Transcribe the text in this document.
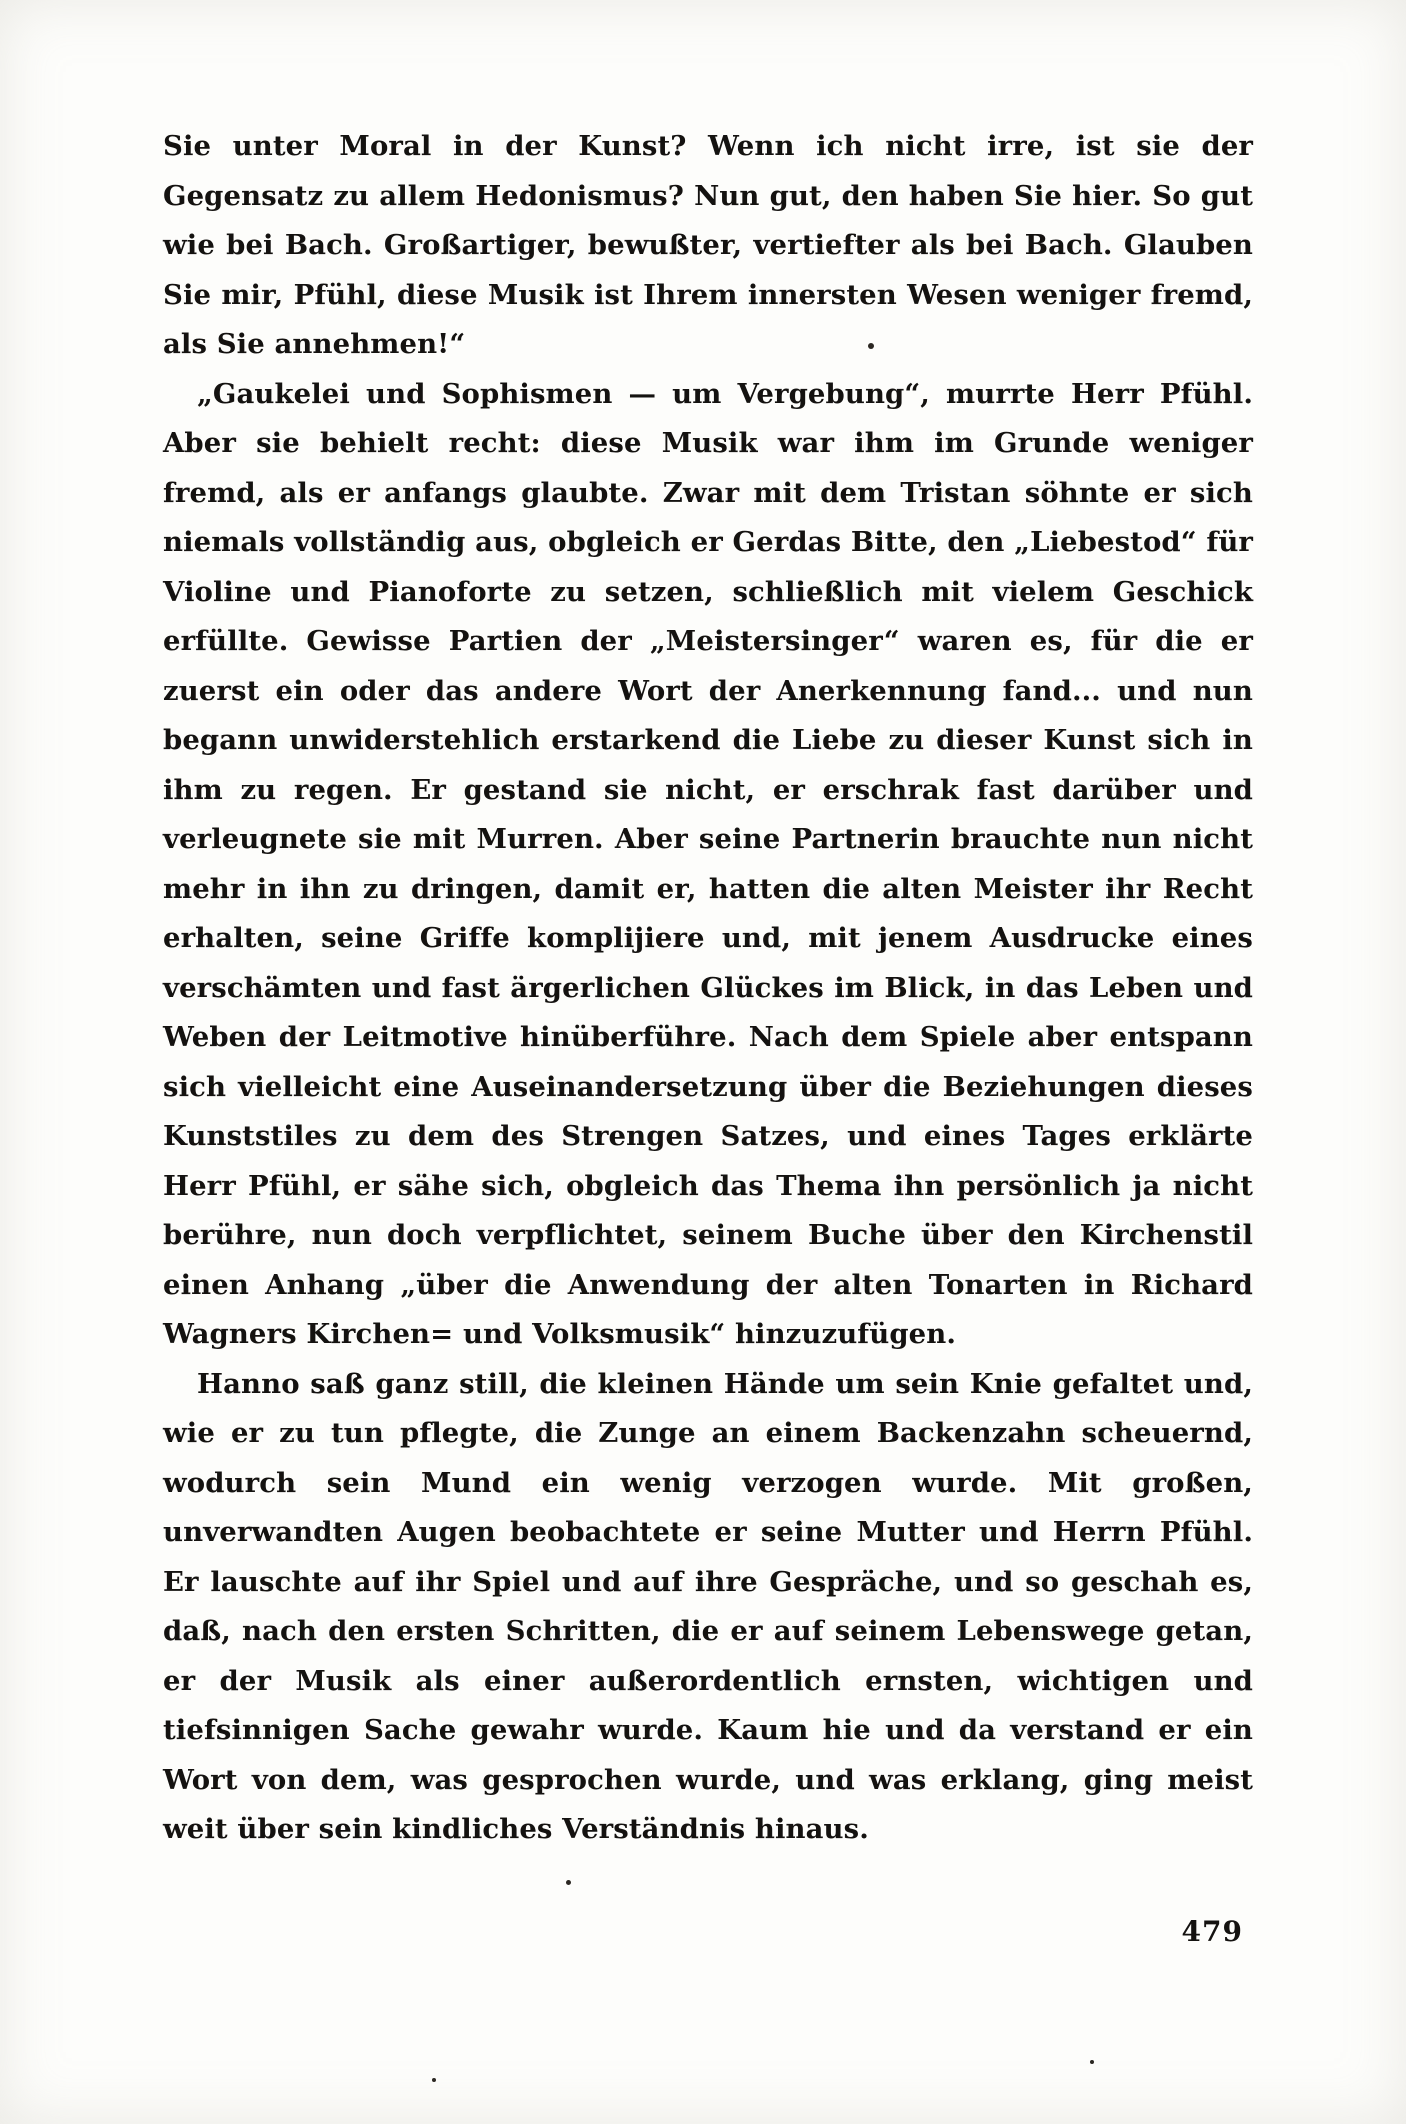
Sie unter Moral in der Kunst? Wenn ich nicht irre, ist sie der Gegensatz zu allem Hedonismus? Nun gut, den haben Sie hier. So gut wie bei Bach. Großartiger, bewußter, vertiefter als bei Bach. Glauben Sie mir, Pfühl, diese Musik ist Ihrem innersten Wesen weniger fremd, als Sie annehmen!“

„Gaukelei und Sophismen — um Vergebung“, murrte Herr Pfühl. Aber sie behielt recht: diese Musik war ihm im Grunde weniger fremd, als er anfangs glaubte. Zwar mit dem Tristan söhnte er sich niemals vollständig aus, obgleich er Gerdas Bitte, den „Liebestod“ für Violine und Pianoforte zu setzen, schließlich mit vielem Geschick erfüllte. Gewisse Partien der „Meistersinger“ waren es, für die er zuerst ein oder das andere Wort der Anerkennung fand... und nun begann unwiderstehlich erstarkend die Liebe zu dieser Kunst sich in ihm zu regen. Er gestand sie nicht, er erschrak fast darüber und verleugnete sie mit Murren. Aber seine Partnerin brauchte nun nicht mehr in ihn zu dringen, damit er, hatten die alten Meister ihr Recht erhalten, seine Griffe komplijiere und, mit jenem Ausdrucke eines verschämten und fast ärgerlichen Glückes im Blick, in das Leben und Weben der Leitmotive hinüberführe. Nach dem Spiele aber entspann sich vielleicht eine Auseinandersetzung über die Beziehungen dieses Kunststiles zu dem des Strengen Satzes, und eines Tages erklärte Herr Pfühl, er sähe sich, obgleich das Thema ihn persönlich ja nicht berühre, nun doch verpflichtet, seinem Buche über den Kirchenstil einen Anhang „über die Anwendung der alten Tonarten in Richard Wagners Kirchen= und Volksmusik“ hinzuzufügen.

Hanno saß ganz still, die kleinen Hände um sein Knie gefaltet und, wie er zu tun pflegte, die Zunge an einem Backenzahn scheuernd, wodurch sein Mund ein wenig verzogen wurde. Mit großen, unverwandten Augen beobachtete er seine Mutter und Herrn Pfühl. Er lauschte auf ihr Spiel und auf ihre Gespräche, und so geschah es, daß, nach den ersten Schritten, die er auf seinem Lebenswege getan, er der Musik als einer außerordentlich ernsten, wichtigen und tiefsinnigen Sache gewahr wurde. Kaum hie und da verstand er ein Wort von dem, was gesprochen wurde, und was erklang, ging meist weit über sein kindliches Verständnis hinaus.

479
